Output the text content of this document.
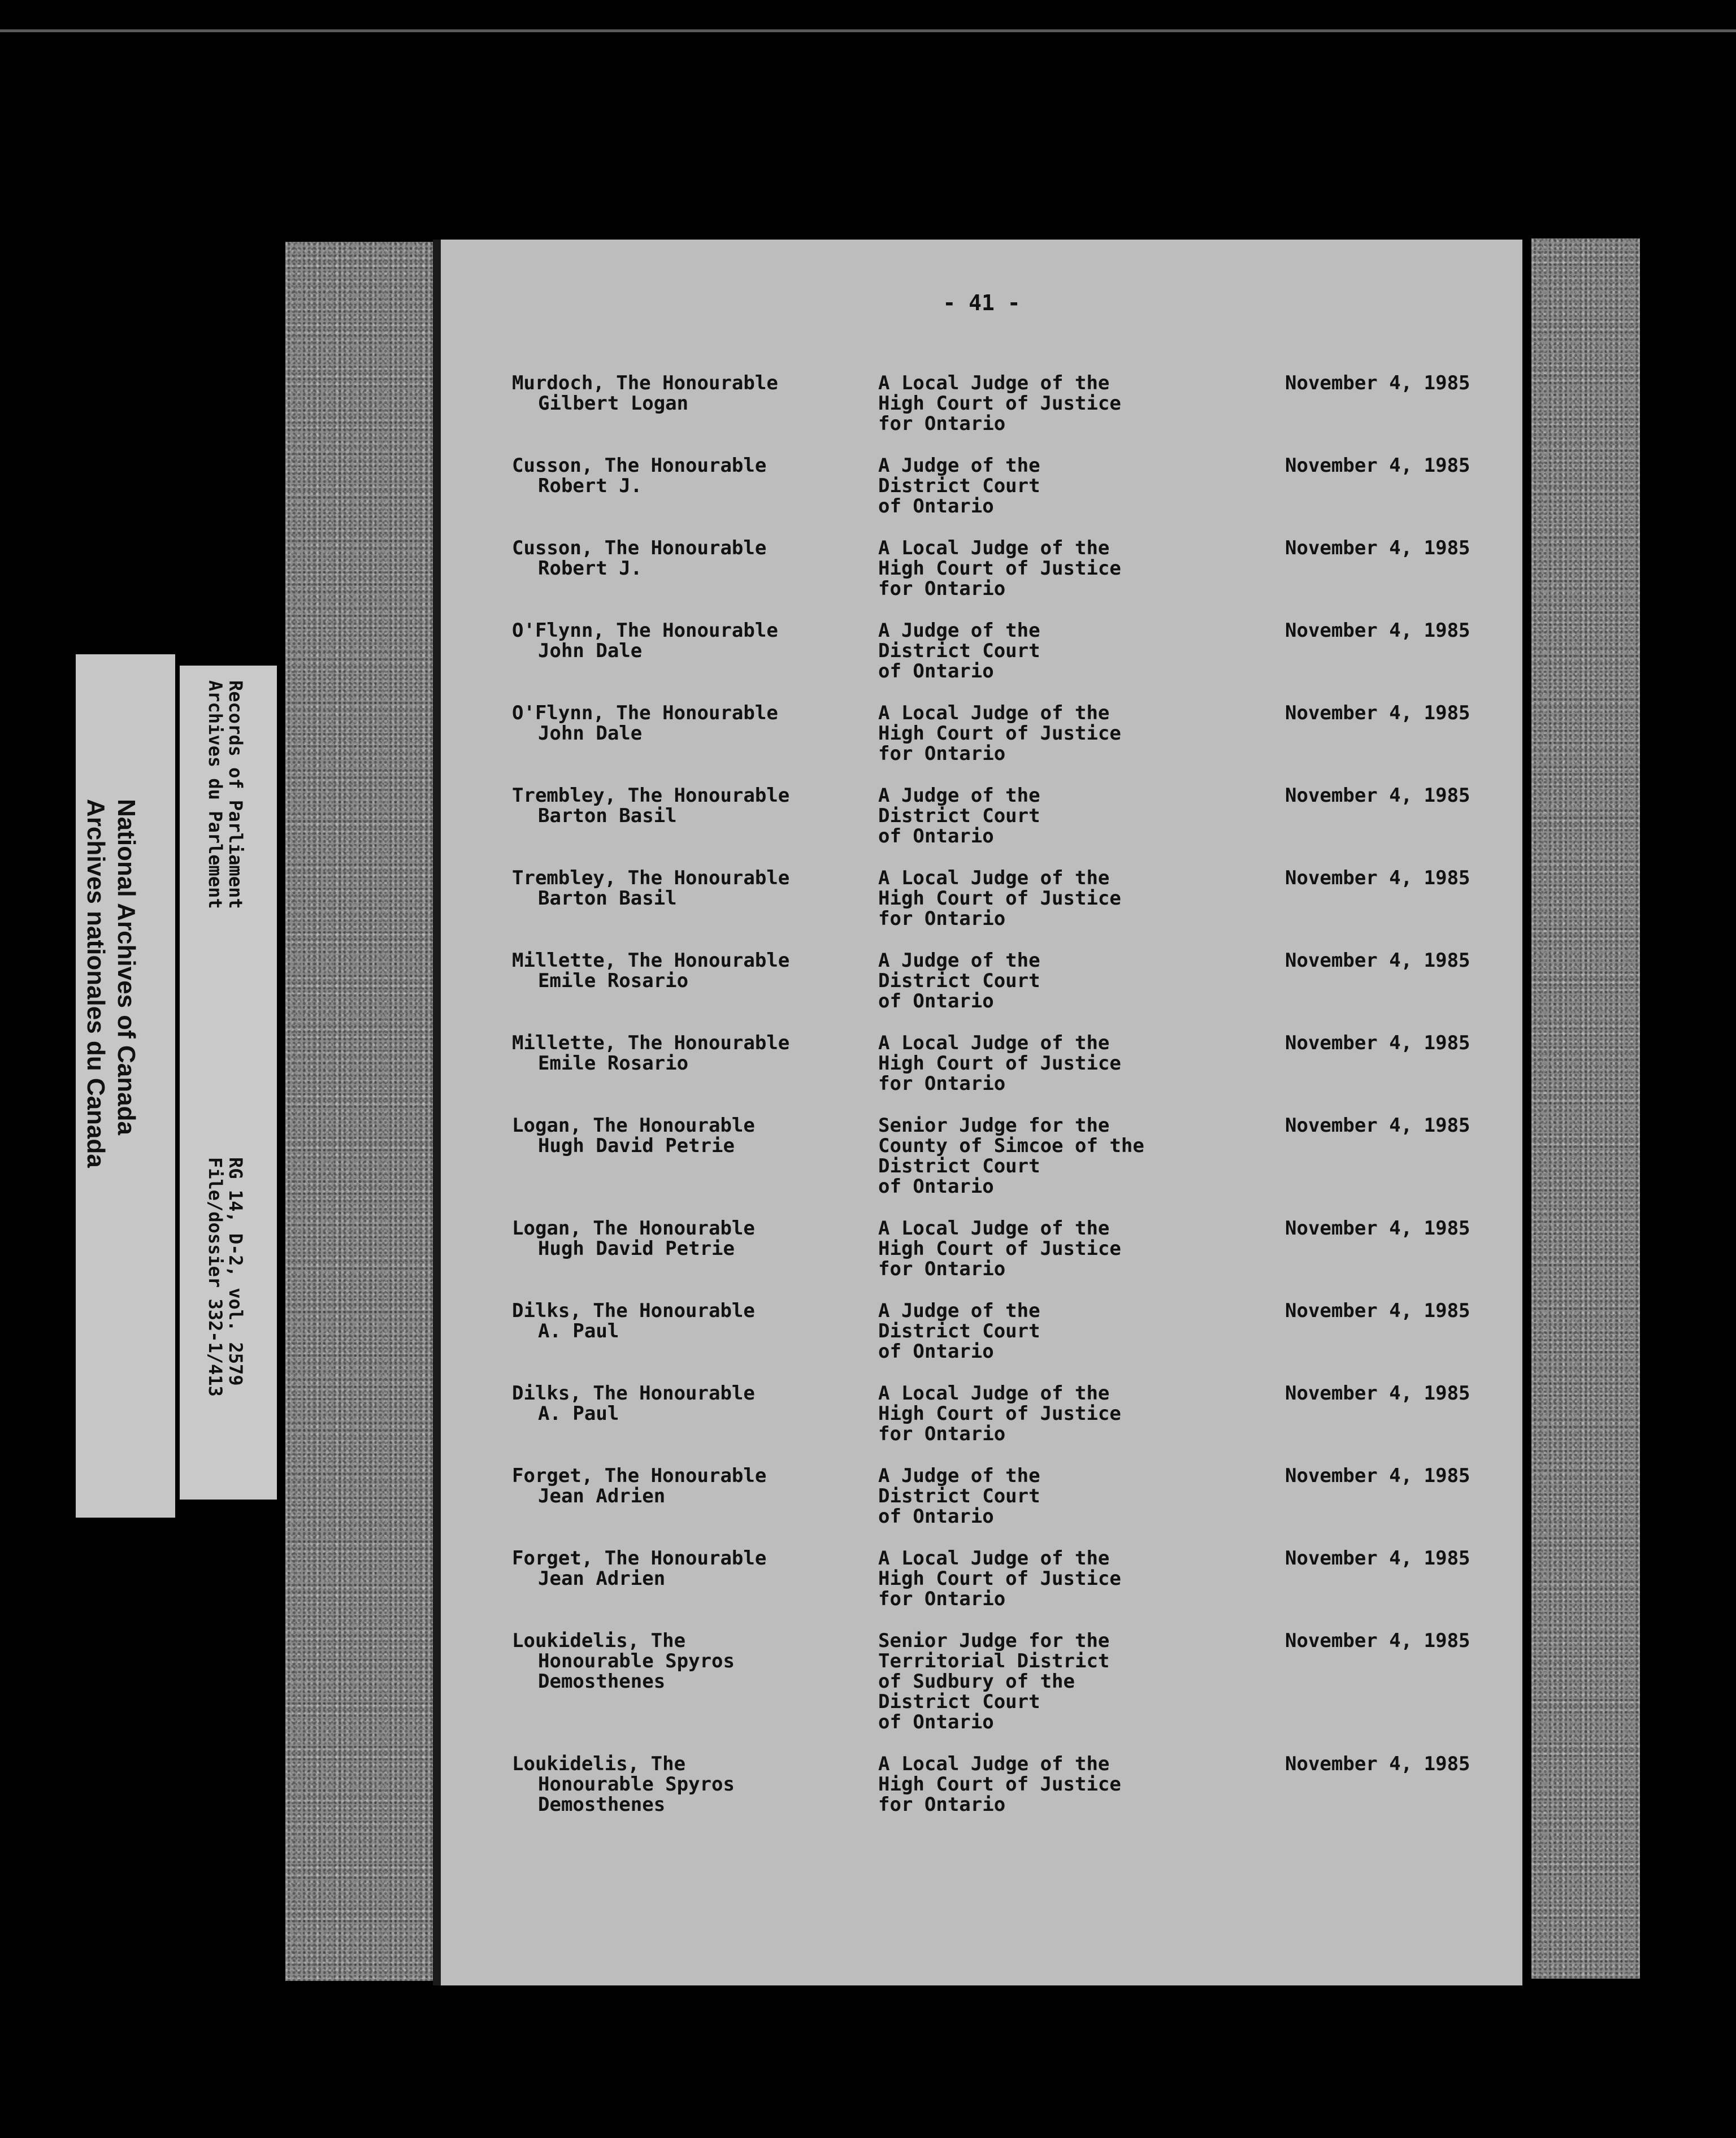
National Archives of Canada
Archives nationales du Canada
Records of Parliament
Archives du Parlement
RG 14, D-2, vol. 2579
File/dossier 332-1/413
- 41 -
Murdoch, The Honourable
Gilbert Logan
A Local Judge of the
High Court of Justice
for Ontario
November 4, 1985
Cusson, The Honourable
Robert J.
A Judge of the
District Court
of Ontario
November 4, 1985
Cusson, The Honourable
Robert J.
A Local Judge of the
High Court of Justice
for Ontario
November 4, 1985
O'Flynn, The Honourable
John Dale
A Judge of the
District Court
of Ontario
November 4, 1985
O'Flynn, The Honourable
John Dale
A Local Judge of the
High Court of Justice
for Ontario
November 4, 1985
Trembley, The Honourable
Barton Basil
A Judge of the
District Court
of Ontario
November 4, 1985
Trembley, The Honourable
Barton Basil
A Local Judge of the
High Court of Justice
for Ontario
November 4, 1985
Millette, The Honourable
Emile Rosario
A Judge of the
District Court
of Ontario
November 4, 1985
Millette, The Honourable
Emile Rosario
A Local Judge of the
High Court of Justice
for Ontario
November 4, 1985
Logan, The Honourable
Hugh David Petrie
Senior Judge for the
County of Simcoe of the
District Court
of Ontario
November 4, 1985
Logan, The Honourable
Hugh David Petrie
A Local Judge of the
High Court of Justice
for Ontario
November 4, 1985
Dilks, The Honourable
A. Paul
A Judge of the
District Court
of Ontario
November 4, 1985
Dilks, The Honourable
A. Paul
A Local Judge of the
High Court of Justice
for Ontario
November 4, 1985
Forget, The Honourable
Jean Adrien
A Judge of the
District Court
of Ontario
November 4, 1985
Forget, The Honourable
Jean Adrien
A Local Judge of the
High Court of Justice
for Ontario
November 4, 1985
Loukidelis, The
Honourable Spyros
Demosthenes
Senior Judge for the
Territorial District
of Sudbury of the
District Court
of Ontario
November 4, 1985
Loukidelis, The
Honourable Spyros
Demosthenes
A Local Judge of the
High Court of Justice
for Ontario
November 4, 1985
